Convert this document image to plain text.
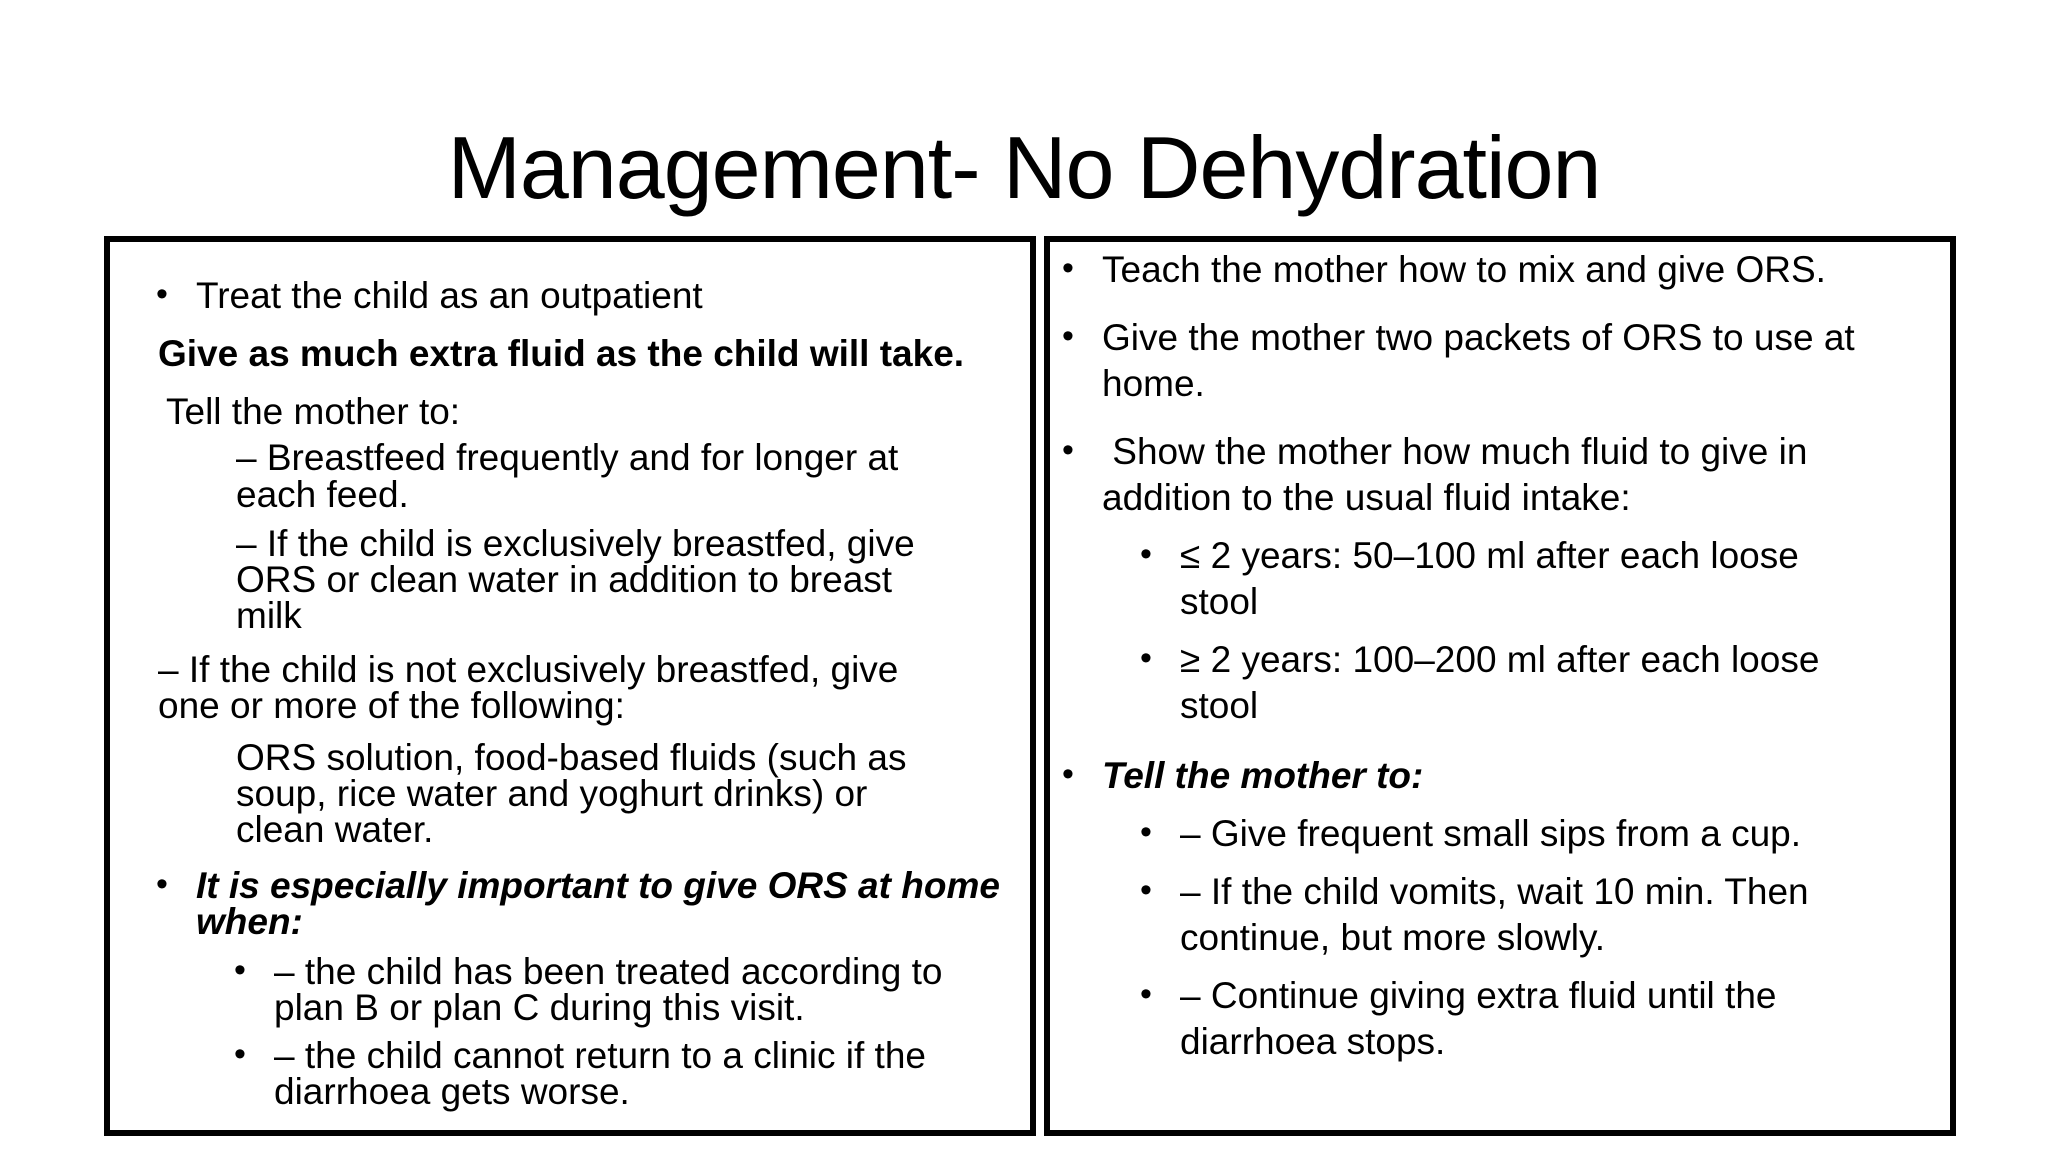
Management- No Dehydration
• Treat the child as an outpatient
Give as much extra fluid as the child will take.
Tell the mother to:
– Breastfeed frequently and for longer at
each feed.
– If the child is exclusively breastfed, give
ORS or clean water in addition to breast
milk
– If the child is not exclusively breastfed, give
one or more of the following:
ORS solution, food-based fluids (such as
soup, rice water and yoghurt drinks) or
clean water.
• It is especially important to give ORS at home
when:
• – the child has been treated according to
plan B or plan C during this visit.
• – the child cannot return to a clinic if the
diarrhoea gets worse.
• Teach the mother how to mix and give ORS.
• Give the mother two packets of ORS to use at
home.
• Show the mother how much fluid to give in
addition to the usual fluid intake:
• ≤ 2 years: 50–100 ml after each loose
stool
• ≥ 2 years: 100–200 ml after each loose
stool
• Tell the mother to:
• – Give frequent small sips from a cup.
• – If the child vomits, wait 10 min. Then
continue, but more slowly.
• – Continue giving extra fluid until the
diarrhoea stops.
